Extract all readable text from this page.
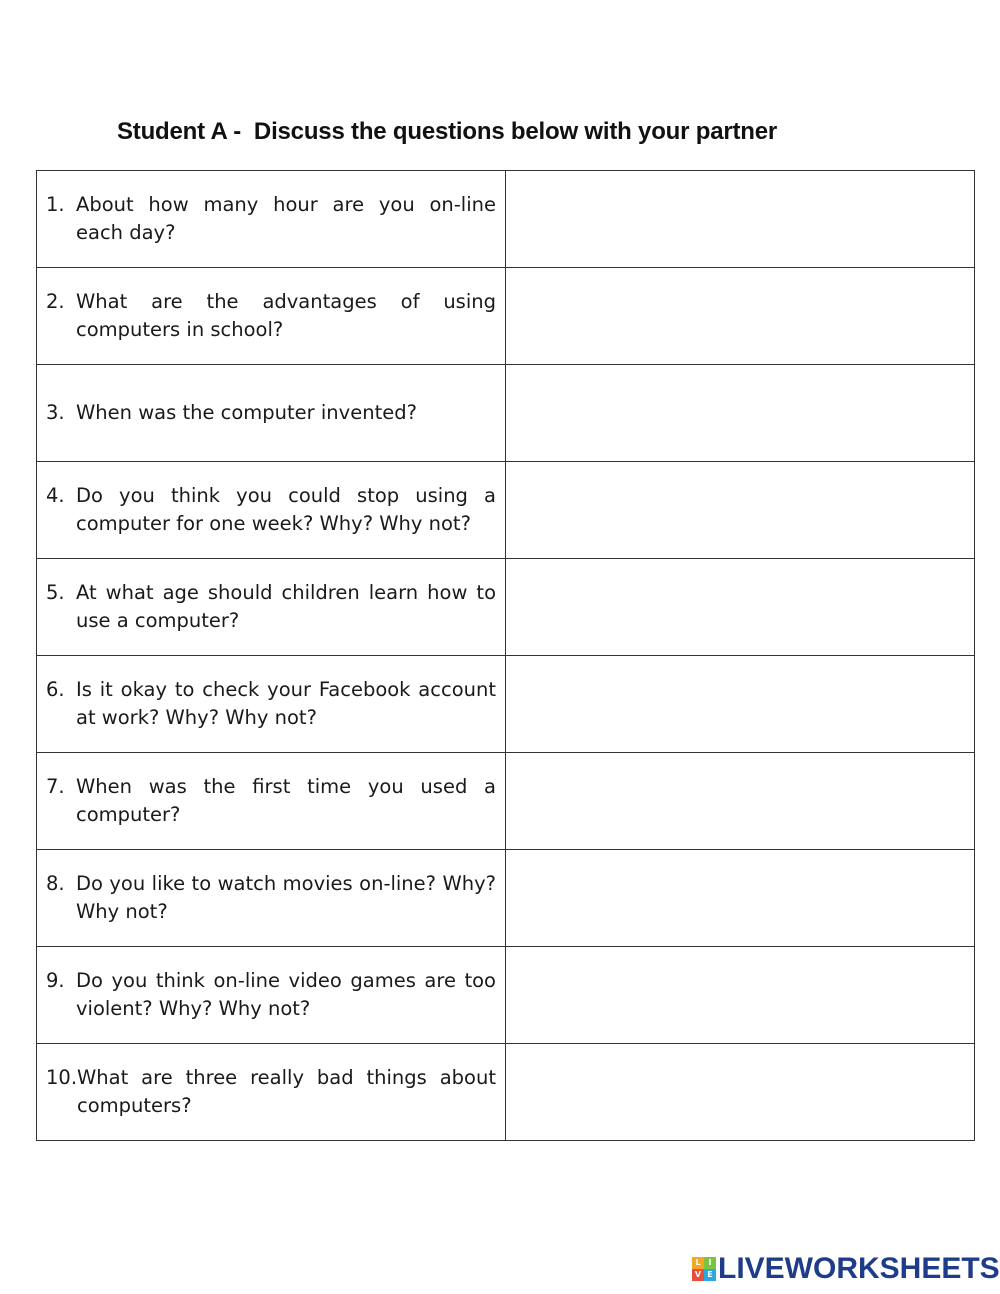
Student A -  Discuss the questions below with your partner
1. About how many hour are you on-line each day?	

2. What are the advantages of using computers in school?	

3. When was the computer invented?	

4. Do you think you could stop using a computer for one week? Why? Why not?	

5. At what age should children learn how to use a computer?	

6. Is it okay to check your Facebook account at work? Why? Why not?	

7. When was the first time you used a computer?	

8. Do you like to watch movies on-line? Why? Why not?	

9. Do you think on-line video games are too violent? Why? Why not?	

10. What are three really bad things about computers?	

L I
V E LIVEWORKSHEETS
